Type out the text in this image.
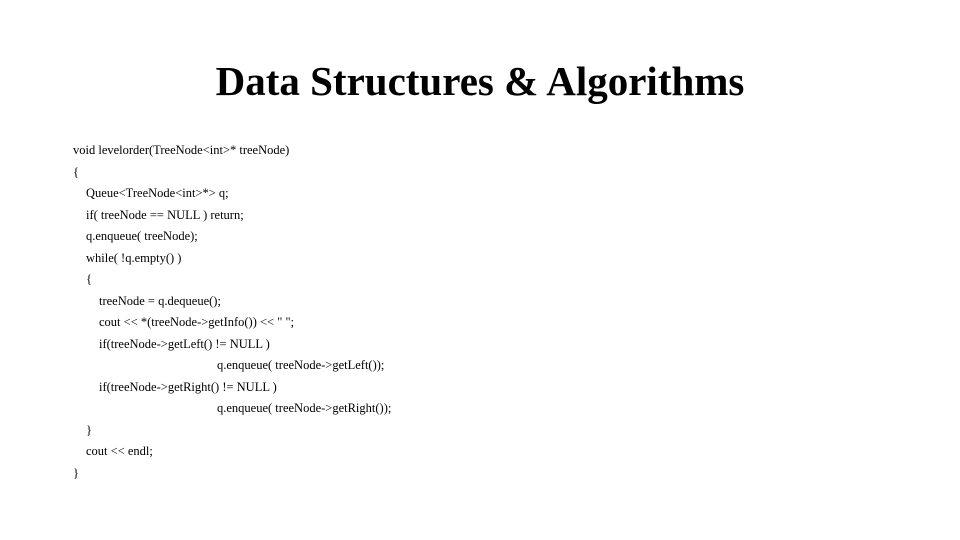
Data Structures & Algorithms
void levelorder(TreeNode<int>* treeNode)
{
Queue<TreeNode<int>*> q;
if( treeNode == NULL ) return;
q.enqueue( treeNode);
while( !q.empty() )
{
treeNode = q.dequeue();
cout << *(treeNode->getInfo()) << " ";
if(treeNode->getLeft() != NULL )
q.enqueue( treeNode->getLeft());
if(treeNode->getRight() != NULL )
q.enqueue( treeNode->getRight());
}
cout << endl;
}
